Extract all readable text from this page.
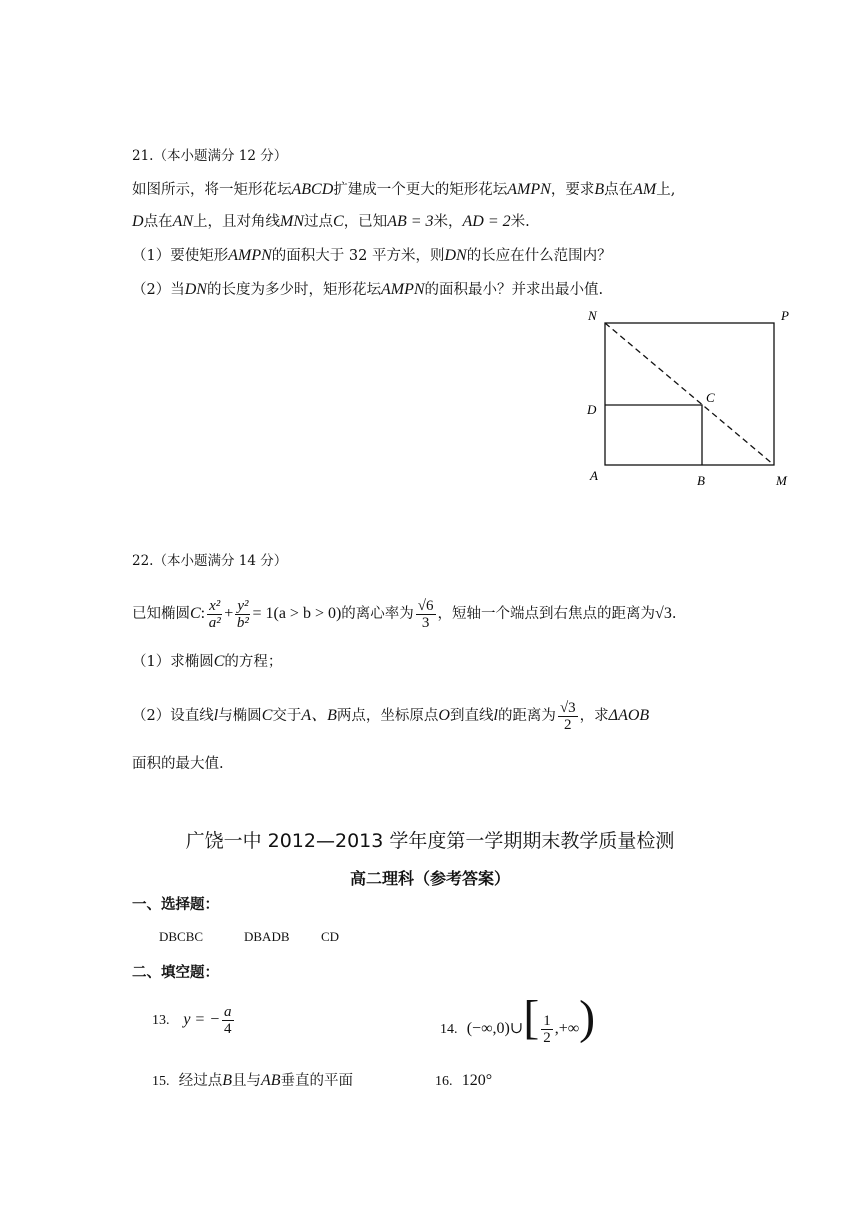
21.（本小题满分 12 分）
如图所示，将一矩形花坛ABCD扩建成一个更大的矩形花坛AMPN，要求B点在AM上,
D点在AN上，且对角线MN过点C，已知AB = 3米，AD = 2米.
（1）要使矩形AMPN的面积大于 32 平方米，则DN的长应在什么范围内？
（2）当DN的长度为多少时，矩形花坛AMPN的面积最小？并求出最小值.
N	P
C
D
A	B	M
22.（本小题满分 14 分）
已知椭圆C: $\frac{\text{x²}}{\text{a²}} + \frac{\text{y²}}{\text{b²}} = 1(a > b > 0)$的离心率为 $\frac{√6}{3}$ ，短轴一个端点到右焦点的距离为√3.
（1）求椭圆C的方程；
（2）设直线l与椭圆C交于A、B两点，坐标原点O到直线l的距离为 $\frac{√3}{2}$ ，求ΔAOB
面积的最大值.
广饶一中 2012—2013 学年度第一学期期末教学质量检测
高二理科（参考答案）
一、选择题：
DBCBC	DBADB CD
二、填空题：
13. y = − $\frac{a}{4}$	14. (−∞,0)∪[ $\frac{1}{2}$ ,+∞)
15. 经过点B且与AB垂直的平面	16. 120°
